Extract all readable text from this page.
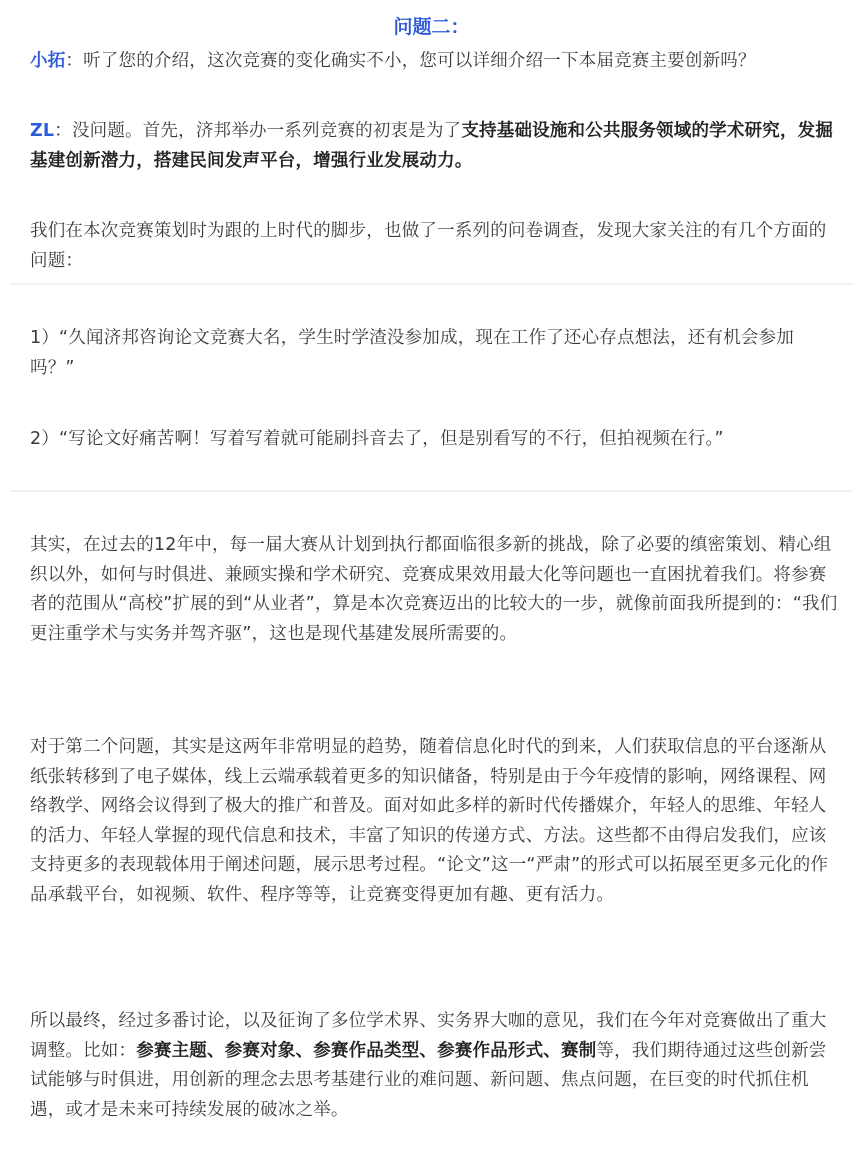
问题二：

小拓：听了您的介绍，这次竞赛的变化确实不小，您可以详细介绍一下本届竞赛主要创新吗？

ZL：没问题。首先，济邦举办一系列竞赛的初衷是为了支持基础设施和公共服务领域的学术研究，发掘基建创新潜力，搭建民间发声平台，增强行业发展动力。

我们在本次竞赛策划时为跟的上时代的脚步，也做了一系列的问卷调查，发现大家关注的有几个方面的问题：

1）“久闻济邦咨询论文竞赛大名，学生时学渣没参加成，现在工作了还心存点想法，还有机会参加吗？”

2）“写论文好痛苦啊！写着写着就可能刷抖音去了，但是别看写的不行，但拍视频在行。”

其实，在过去的12年中，每一届大赛从计划到执行都面临很多新的挑战，除了必要的缜密策划、精心组织以外，如何与时俱进、兼顾实操和学术研究、竞赛成果效用最大化等问题也一直困扰着我们。将参赛者的范围从“高校”扩展的到“从业者”，算是本次竞赛迈出的比较大的一步，就像前面我所提到的：“我们更注重学术与实务并驾齐驱”，这也是现代基建发展所需要的。

对于第二个问题，其实是这两年非常明显的趋势，随着信息化时代的到来，人们获取信息的平台逐渐从纸张转移到了电子媒体，线上云端承载着更多的知识储备，特别是由于今年疫情的影响，网络课程、网络教学、网络会议得到了极大的推广和普及。面对如此多样的新时代传播媒介，年轻人的思维、年轻人的活力、年轻人掌握的现代信息和技术，丰富了知识的传递方式、方法。这些都不由得启发我们，应该支持更多的表现载体用于阐述问题，展示思考过程。“论文”这一“严肃”的形式可以拓展至更多元化的作品承载平台，如视频、软件、程序等等，让竞赛变得更加有趣、更有活力。

所以最终，经过多番讨论，以及征询了多位学术界、实务界大咖的意见，我们在今年对竞赛做出了重大调整。比如：参赛主题、参赛对象、参赛作品类型、参赛作品形式、赛制等，我们期待通过这些创新尝试能够与时俱进，用创新的理念去思考基建行业的难问题、新问题、焦点问题，在巨变的时代抓住机遇，或才是未来可持续发展的破冰之举。
